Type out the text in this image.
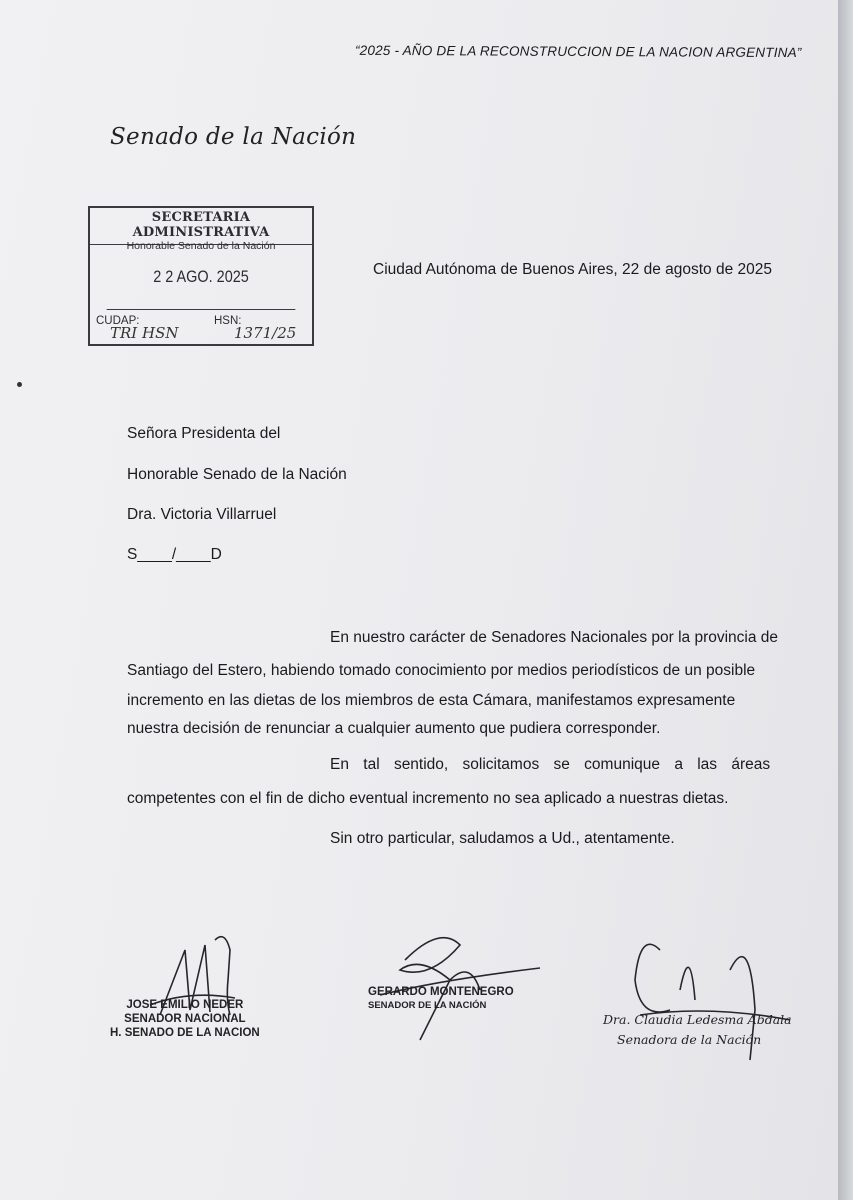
“2025 - AÑO DE LA RECONSTRUCCION DE LA NACION ARGENTINA”
Senado de la Nación
SECRETARIA ADMINISTRATIVA
Honorable Senado de la Nación
2 2 AGO. 2025
CUDAP:
TRI HSN
HSN:
1371/25
Ciudad Autónoma de Buenos Aires, 22 de agosto de 2025
Señora Presidenta del
Honorable Senado de la Nación
Dra. Victoria Villarruel
S____/____D
En nuestro carácter de Senadores Nacionales por la provincia de
Santiago del Estero, habiendo tomado conocimiento por medios periodísticos de un posible
incremento en las dietas de los miembros de esta Cámara, manifestamos expresamente
nuestra decisión de renunciar a cualquier aumento que pudiera corresponder.
En tal sentido, solicitamos se comunique a las áreas
competentes con el fin de dicho eventual incremento no sea aplicado a nuestras dietas.
Sin otro particular, saludamos a Ud., atentamente.
JOSE EMILIO NEDER
SENADOR NACIONAL
H. SENADO DE LA NACION
GERARDO MONTENEGRO
SENADOR DE LA NACIÓN
Dra. Claudia Ledesma Abdala
Senadora de la Nación
